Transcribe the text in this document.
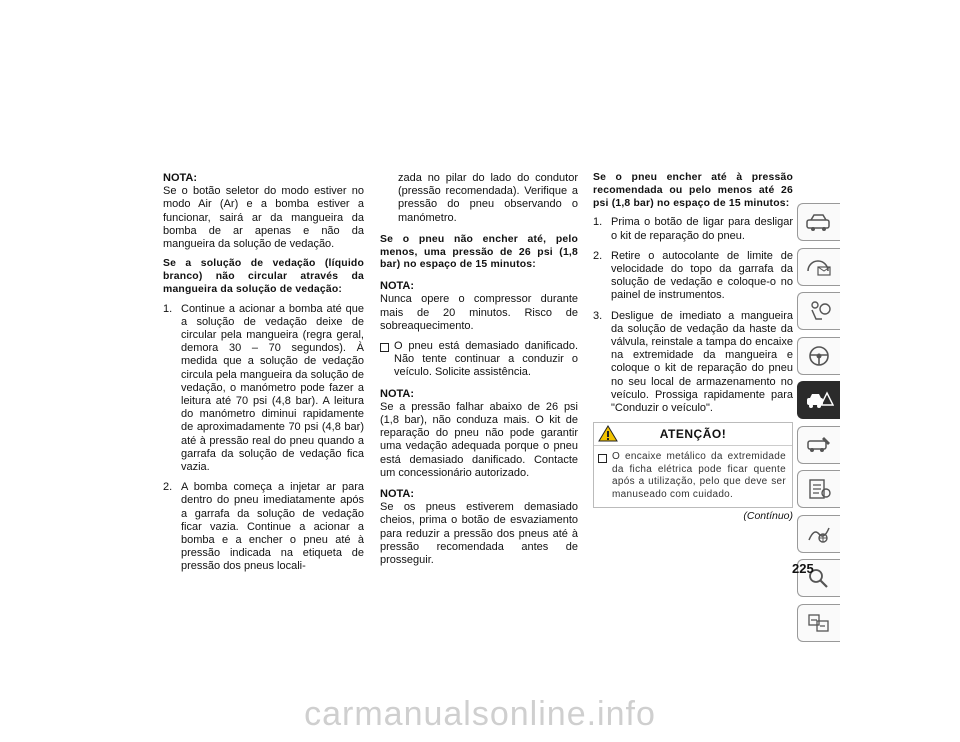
NOTA:

Se o botão seletor do modo estiver no modo Air (Ar) e a bomba estiver a funcionar, sairá ar da mangueira da bomba de ar apenas e não da mangueira da solução de vedação.

Se a solução de vedação (líquido branco) não circular através da mangueira da solução de vedação:

1. Continue a acionar a bomba até que a solução de vedação deixe de circular pela mangueira (regra geral, demora 30 – 70 segundos). À medida que a solução de vedação circula pela mangueira da solução de vedação, o manómetro pode fazer a leitura até 70 psi (4,8 bar). A leitura do manómetro diminui rapidamente de aproximadamente 70 psi (4,8 bar) até à pressão real do pneu quando a garrafa da solução de vedação fica vazia.
2. A bomba começa a injetar ar para dentro do pneu imediatamente após a garrafa da solução de vedação ficar vazia. Continue a acionar a bomba e a encher o pneu até à pressão indicada na etiqueta de pressão dos pneus locali-

zada no pilar do lado do condutor (pressão recomendada). Verifique a pressão do pneu observando o manómetro.

Se o pneu não encher até, pelo menos, uma pressão de 26 psi (1,8 bar) no espaço de 15 minutos:

NOTA:

Nunca opere o compressor durante mais de 20 minutos. Risco de sobreaquecimento.

O pneu está demasiado danificado. Não tente continuar a conduzir o veículo. Solicite assistência.

NOTA:

Se a pressão falhar abaixo de 26 psi (1,8 bar), não conduza mais. O kit de reparação do pneu não pode garantir uma vedação adequada porque o pneu está demasiado danificado. Contacte um concessionário autorizado.

NOTA:

Se os pneus estiverem demasiado cheios, prima o botão de esvaziamento para reduzir a pressão dos pneus até à pressão recomendada antes de prosseguir.

Se o pneu encher até à pressão recomendada ou pelo menos até 26 psi (1,8 bar) no espaço de 15 minutos:

1. Prima o botão de ligar para desligar o kit de reparação do pneu.
2. Retire o autocolante de limite de velocidade do topo da garrafa da solução de vedação e coloque-o no painel de instrumentos.
3. Desligue de imediato a mangueira da solução de vedação da haste da válvula, reinstale a tampa do encaixe na extremidade da mangueira e coloque o kit de reparação do pneu no seu local de armazenamento no veículo. Prossiga rapidamente para "Conduzir o veículo".
ATENÇÃO!
O encaixe metálico da extremidade da ficha elétrica pode ficar quente após a utilização, pelo que deve ser manuseado com cuidado.

(Contínuo)

225
carmanualsonline.info
